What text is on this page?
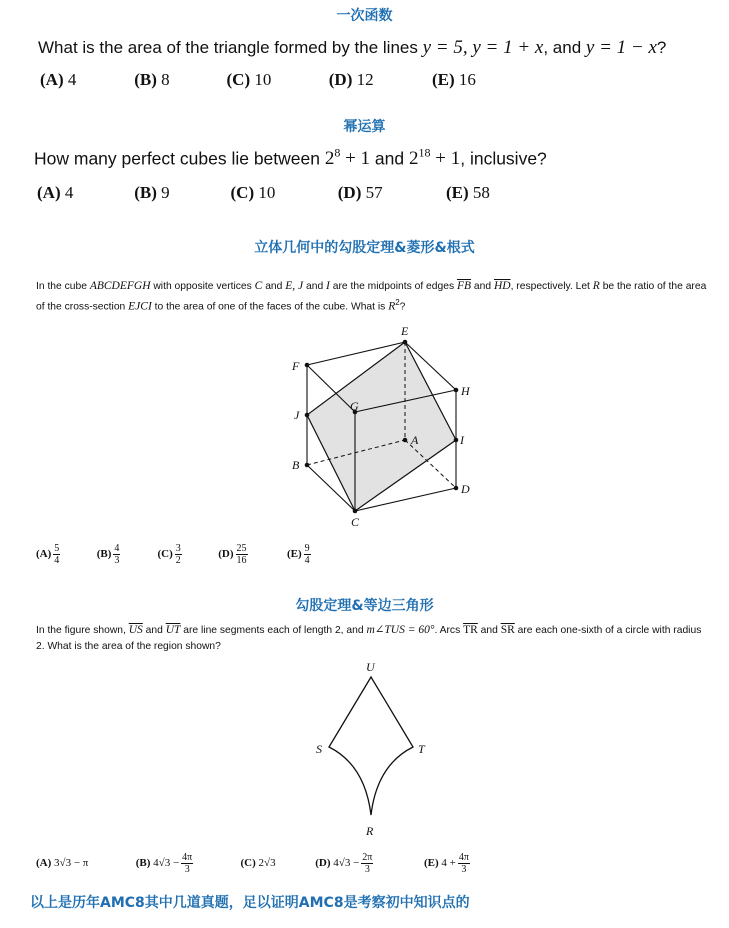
一次函数
What is the area of the triangle formed by the lines y = 5, y = 1 + x, and y = 1 − x?
(A) 4	(B) 8	(C) 10	(D) 12	(E) 16
幂运算
How many perfect cubes lie between $2^8 + 1$ and $2^{18} + 1$, inclusive?
(A) 4	(B) 9	(C) 10	(D) 57	(E) 58
立体几何中的勾股定理&菱形&根式
In the cube ABCDEFGH with opposite vertices C and E, J and I are the midpoints of edges $\overline{FB}$ and $\overline{HD}$, respectively. Let R be the ratio of the area of the cross-section EJCI to the area of one of the faces of the cube. What is $R^2$?
E
F
G
H
J
A	I
B
D
C
$(A) \frac{5}{4}$	$(B) \frac{4}{3}$	$(C) \frac{3}{2}$	$(D) \frac{25}{16}$	$(E) \frac{9}{4}$
勾股定理&等边三角形
In the figure shown, $\overline{US}$ and $\overline{UT}$ are line segments each of length 2, and m∠TUS = 60°. Arcs $\overline{TR}$ and $\overline{SR}$ are each one-sixth of a circle with radius 2. What is the area of the region shown?
U
S	T
R
(A) 3√3 − π	(B) $4√3 - \frac{4\pi}{3}$	(C) 2√3	(D) $4√3 - \frac{2\pi}{3}$	(E) $4 + \frac{4\pi}{3}$
以上是历年AMC8其中几道真题，足以证明AMC8是考察初中知识点的
